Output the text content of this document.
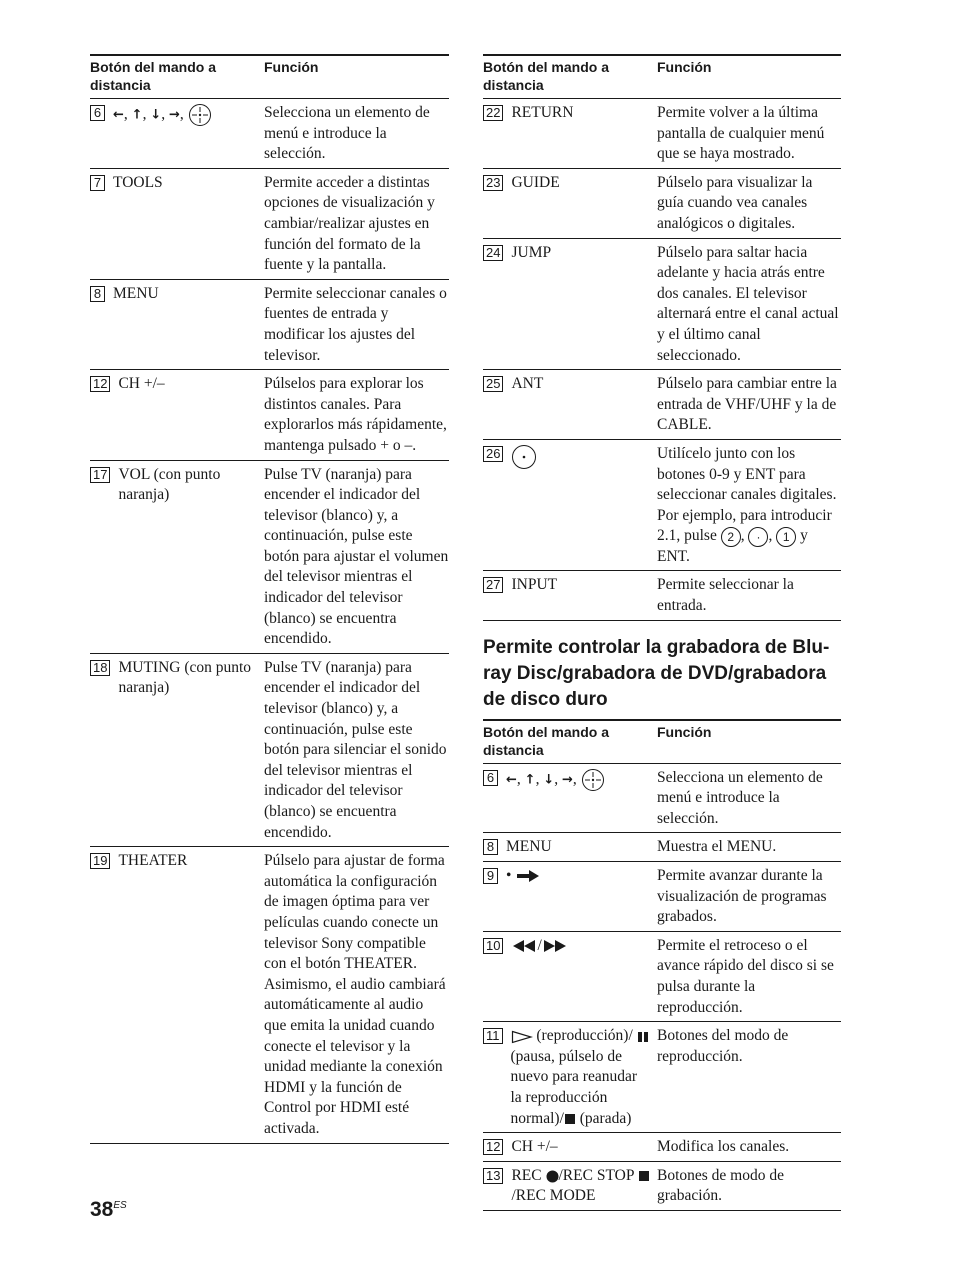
Botón del mando a distancia	Función

6 ←, ↑, ↓, →,	Selecciona un elemento de menú e introduce la selección.

7 TOOLS	Permite acceder a distintas opciones de visualización y cambiar/realizar ajustes en función del formato de la fuente y la pantalla.

8 MENU	Permite seleccionar canales o fuentes de entrada y modificar los ajustes del televisor.

12 CH +/–	Púlselos para explorar los distintos canales. Para explorarlos más rápidamente, mantenga pulsado + o –.

17 VOL (con punto naranja)	Pulse TV (naranja) para encender el indicador del televisor (blanco) y, a continuación, pulse este botón para ajustar el volumen del televisor mientras el indicador del televisor (blanco) se encuentra encendido.

18 MUTING (con punto naranja)	Pulse TV (naranja) para encender el indicador del televisor (blanco) y, a continuación, pulse este botón para silenciar el sonido del televisor mientras el indicador del televisor (blanco) se encuentra encendido.

19 THEATER	Púlselo para ajustar de forma automática la configuración de imagen óptima para ver películas cuando conecte un televisor Sony compatible con el botón THEATER. Asimismo, el audio cambiará automáticamente al audio que emita la unidad cuando conecte el televisor y la unidad mediante la conexión HDMI y la función de Control por HDMI esté activada.
Botón del mando a distancia	Función

22 RETURN	Permite volver a la última pantalla de cualquier menú que se haya mostrado.

23 GUIDE	Púlselo para visualizar la guía cuando vea canales analógicos o digitales.

24 JUMP	Púlselo para saltar hacia adelante y hacia atrás entre dos canales. El televisor alternará entre el canal actual y el último canal seleccionado.

25 ANT	Púlselo para cambiar entre la entrada de VHF/UHF y la de CABLE.

26	Utilícelo junto con los botones 0-9 y ENT para seleccionar canales digitales. Por ejemplo, para introducir 2.1, pulse 2 , · , 1 y ENT.

27 INPUT	Permite seleccionar la entrada.
Permite controlar la grabadora de Blu-ray Disc/grabadora de DVD/grabadora de disco duro
Botón del mando a distancia	Función

6 ←, ↑, ↓, →,	Selecciona un elemento de menú e introduce la selección.

8 MENU	Muestra el MENU.

9 •	Permite avanzar durante la visualización de programas grabados.

10 /	Permite el retroceso o el avance rápido del disco si se pulsa durante la reproducción.

11 (reproducción)/  (pausa, púlselo de nuevo para reanudar la reproducción normal)/ (parada)	Botones del modo de reproducción.

12 CH +/–	Modifica los canales.

13 REC /REC STOP /REC MODE	Botones de modo de grabación.
$38^{ES}$
